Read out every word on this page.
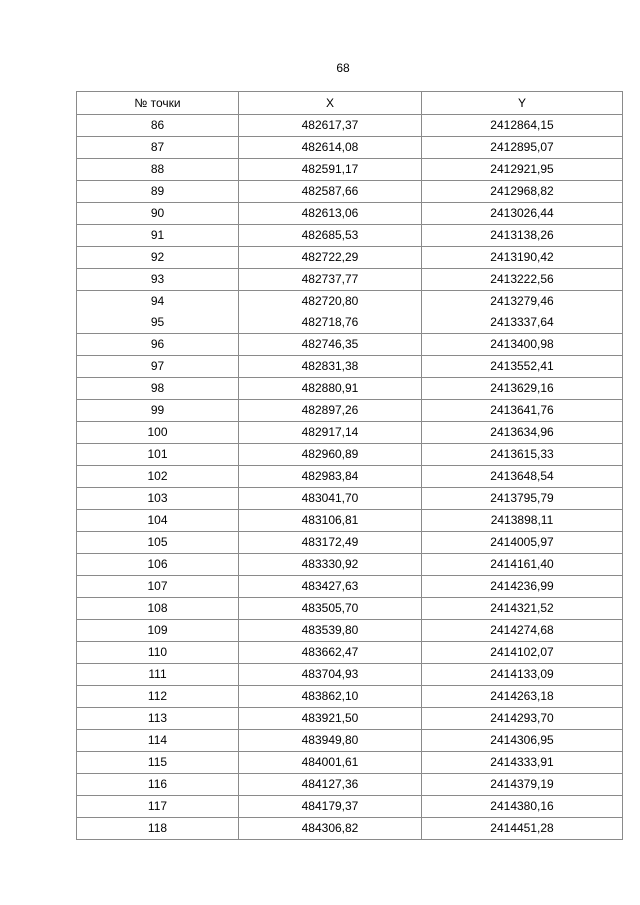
68
№ точки	X	Y
86	482617,37	2412864,15
87	482614,08	2412895,07
88	482591,17	2412921,95
89	482587,66	2412968,82
90	482613,06	2413026,44
91	482685,53	2413138,26
92	482722,29	2413190,42
93	482737,77	2413222,56
94	482720,80	2413279,46
95	482718,76	2413337,64
96	482746,35	2413400,98
97	482831,38	2413552,41
98	482880,91	2413629,16
99	482897,26	2413641,76
100	482917,14	2413634,96
101	482960,89	2413615,33
102	482983,84	2413648,54
103	483041,70	2413795,79
104	483106,81	2413898,11
105	483172,49	2414005,97
106	483330,92	2414161,40
107	483427,63	2414236,99
108	483505,70	2414321,52
109	483539,80	2414274,68
110	483662,47	2414102,07
111	483704,93	2414133,09
112	483862,10	2414263,18
113	483921,50	2414293,70
114	483949,80	2414306,95
115	484001,61	2414333,91
116	484127,36	2414379,19
117	484179,37	2414380,16
118	484306,82	2414451,28
